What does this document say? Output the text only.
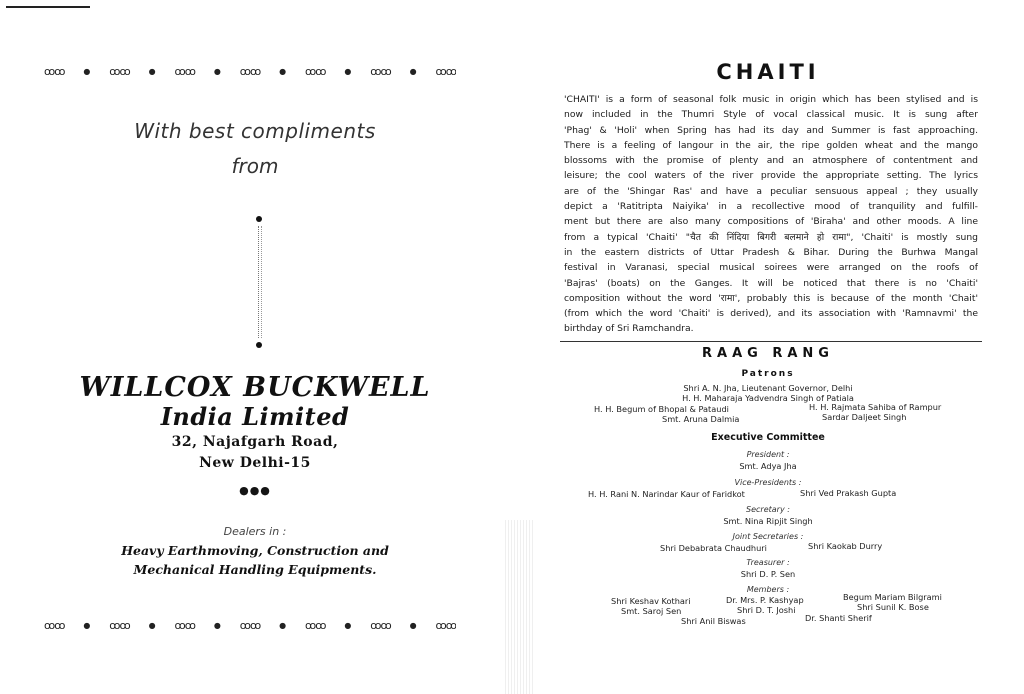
ꝏꝏ ● ꝏꝏ ● ꝏꝏ ● ꝏꝏ ● ꝏꝏ ● ꝏꝏ ● ꝏꝏ
With best compliments
from
WILLCOX BUCKWELL
India Limited
32, Najafgarh Road,
New Delhi-15
●●●
Dealers in :
Heavy Earthmoving, Construction and
Mechanical Handling Equipments.
ꝏꝏ ● ꝏꝏ ● ꝏꝏ ● ꝏꝏ ● ꝏꝏ ● ꝏꝏ ● ꝏꝏ
CHAITI
'CHAITI' is a form of seasonal folk music in origin which has been stylised and is
now included in the Thumri Style of vocal classical music. It is sung after
'Phag' & 'Holi' when Spring has had its day and Summer is fast approaching.
There is a feeling of langour in the air, the ripe golden wheat and the mango
blossoms with the promise of plenty and an atmosphere of contentment and
leisure; the cool waters of the river provide the appropriate setting. The lyrics
are of the 'Shingar Ras' and have a peculiar sensuous appeal ; they usually
depict a 'Ratitripta Naiyika' in a recollective mood of tranquility and fulfill-
ment but there are also many compositions of 'Biraha' and other moods. A line
from a typical 'Chaiti' "चैत की निंदिया बिगरी बलमाने हो रामा", 'Chaiti' is mostly sung
in the eastern districts of Uttar Pradesh & Bihar. During the Burhwa Mangal
festival in Varanasi, special musical soirees were arranged on the roofs of
'Bajras' (boats) on the Ganges. It will be noticed that there is no 'Chaiti'
composition without the word 'रामा', probably this is because of the month 'Chait'
(from which the word 'Chaiti' is derived), and its association with 'Ramnavmi' the
birthday of Sri Ramchandra.
RAAG RANG
Patrons
Shri A. N. Jha, Lieutenant Governor, Delhi
H. H. Maharaja Yadvendra Singh of Patiala
H. H. Begum of Bhopal & Pataudi	H. H. Rajmata Sahiba of Rampur
Smt. Aruna Dalmia	Sardar Daljeet Singh
Executive Committee
President :
Smt. Adya Jha
Vice-Presidents :
H. H. Rani N. Narindar Kaur of Faridkot	Shri Ved Prakash Gupta
Secretary :
Smt. Nina Ripjit Singh
Joint Secretaries :
Shri Debabrata Chaudhuri	Shri Kaokab Durry
Treasurer :
Shri D. P. Sen
Members :
Shri Keshav Kothari	Dr. Mrs. P. Kashyap	Begum Mariam Bilgrami
Smt. Saroj Sen	Shri D. T. Joshi	Shri Sunil K. Bose
Shri Anil Biswas	Dr. Shanti Sherif
